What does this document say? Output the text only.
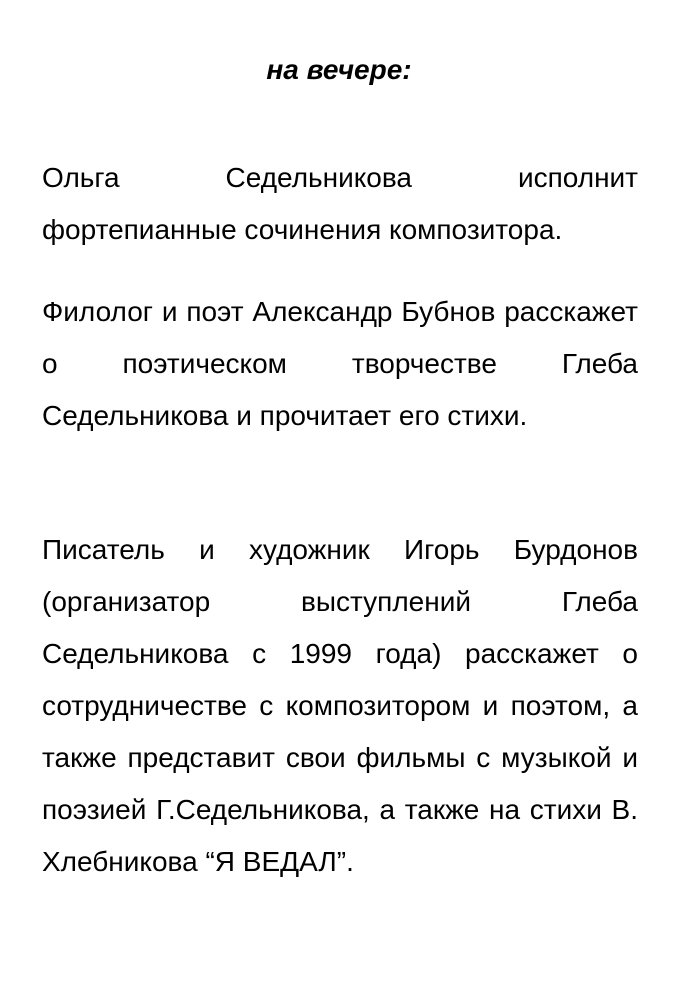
на вечере:

Ольга Седельникова исполнит фортепианные сочинения композитора.

Филолог и поэт Александр Бубнов расскажет о поэтическом творчестве Глеба Седельникова и прочитает его стихи.

Писатель и художник Игорь Бурдонов (организатор выступлений Глеба Седельникова с 1999 года) расскажет о сотрудничестве с композитором и поэтом, а также представит свои фильмы с музыкой и поэзией Г.Седельникова, а также на стихи В. Хлебникова “Я ВЕДАЛ”.
